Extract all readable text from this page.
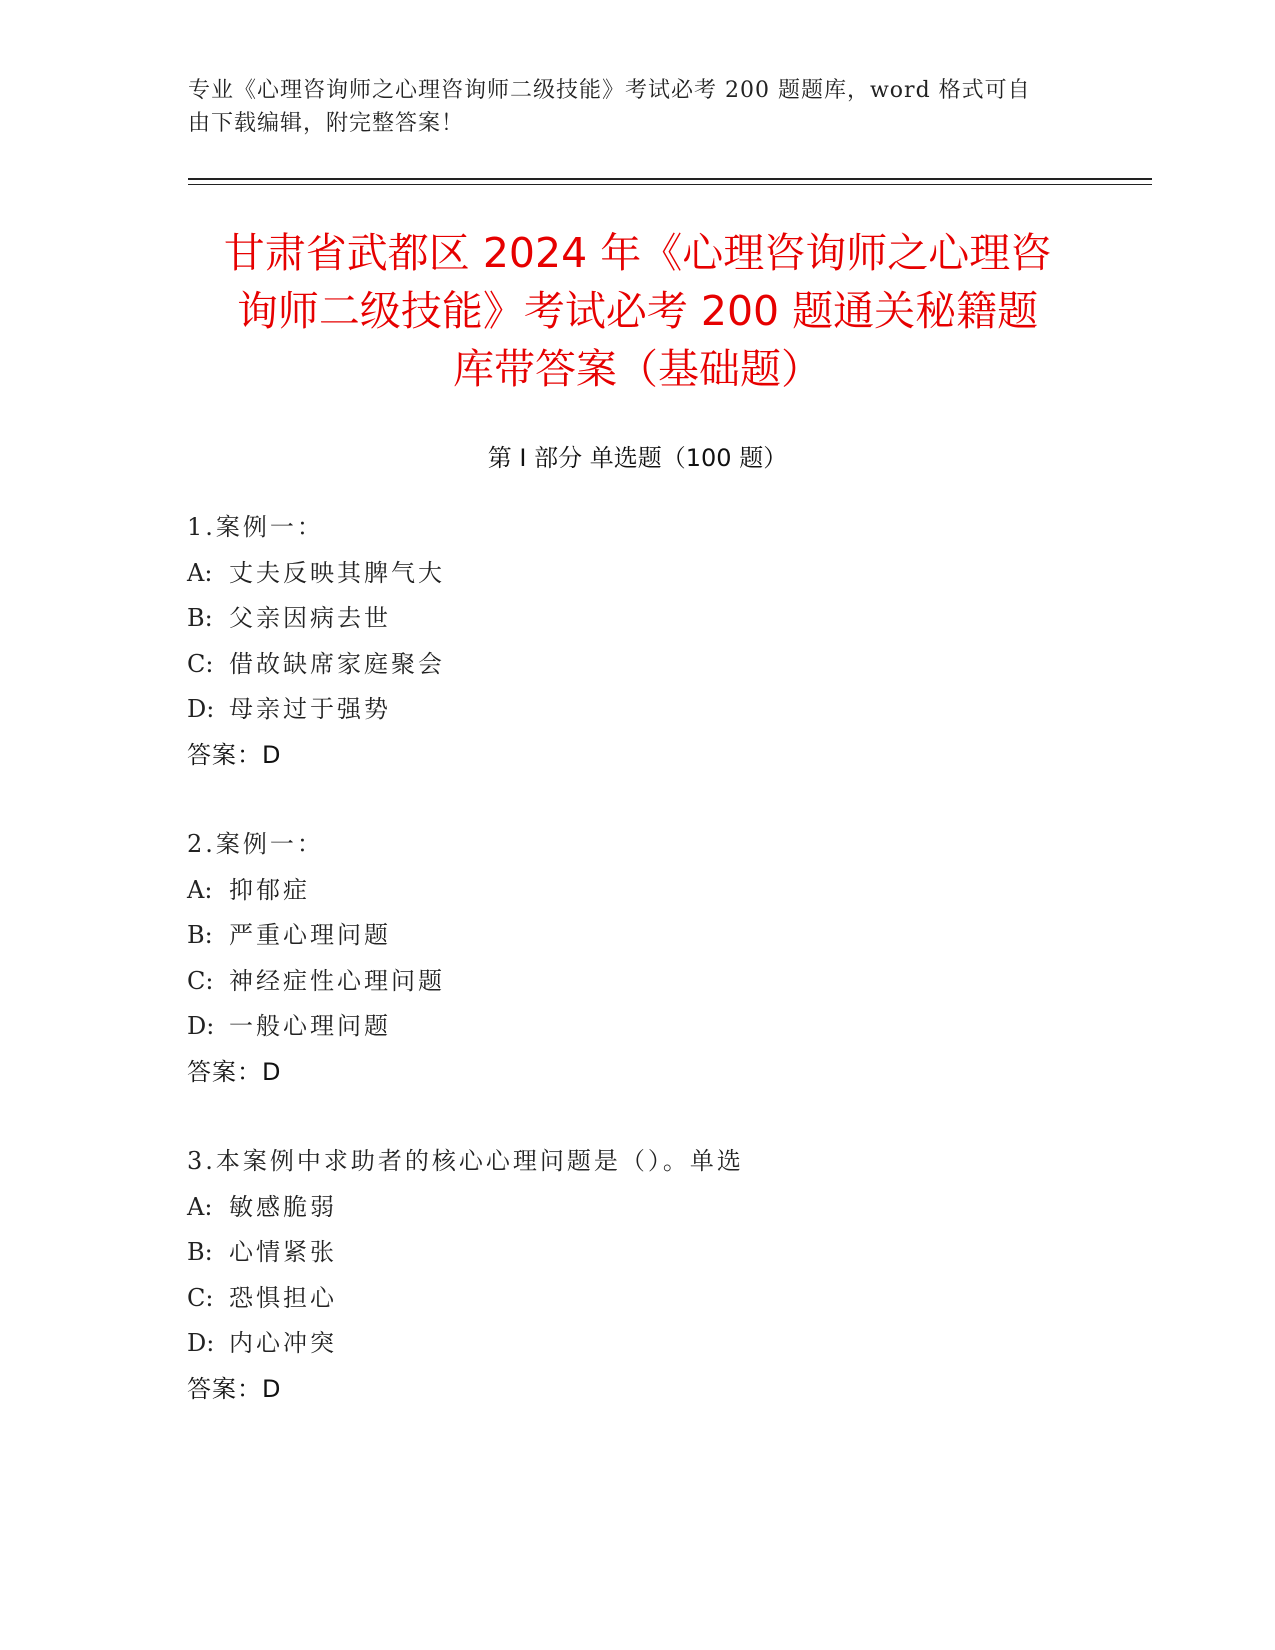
专业《心理咨询师之心理咨询师二级技能》考试必考 200 题题库，word 格式可自
由下载编辑，附完整答案！
甘肃省武都区 2024 年《心理咨询师之心理咨
询师二级技能》考试必考 200 题通关秘籍题
库带答案（基础题）
第 I 部分 单选题（100 题）
1.案例一：
A: 丈夫反映其脾气大
B: 父亲因病去世
C: 借故缺席家庭聚会
D: 母亲过于强势
答案：D
2.案例一：
A: 抑郁症
B: 严重心理问题
C: 神经症性心理问题
D: 一般心理问题
答案：D
3.本案例中求助者的核心心理问题是（）。单选
A: 敏感脆弱
B: 心情紧张
C: 恐惧担心
D: 内心冲突
答案：D
